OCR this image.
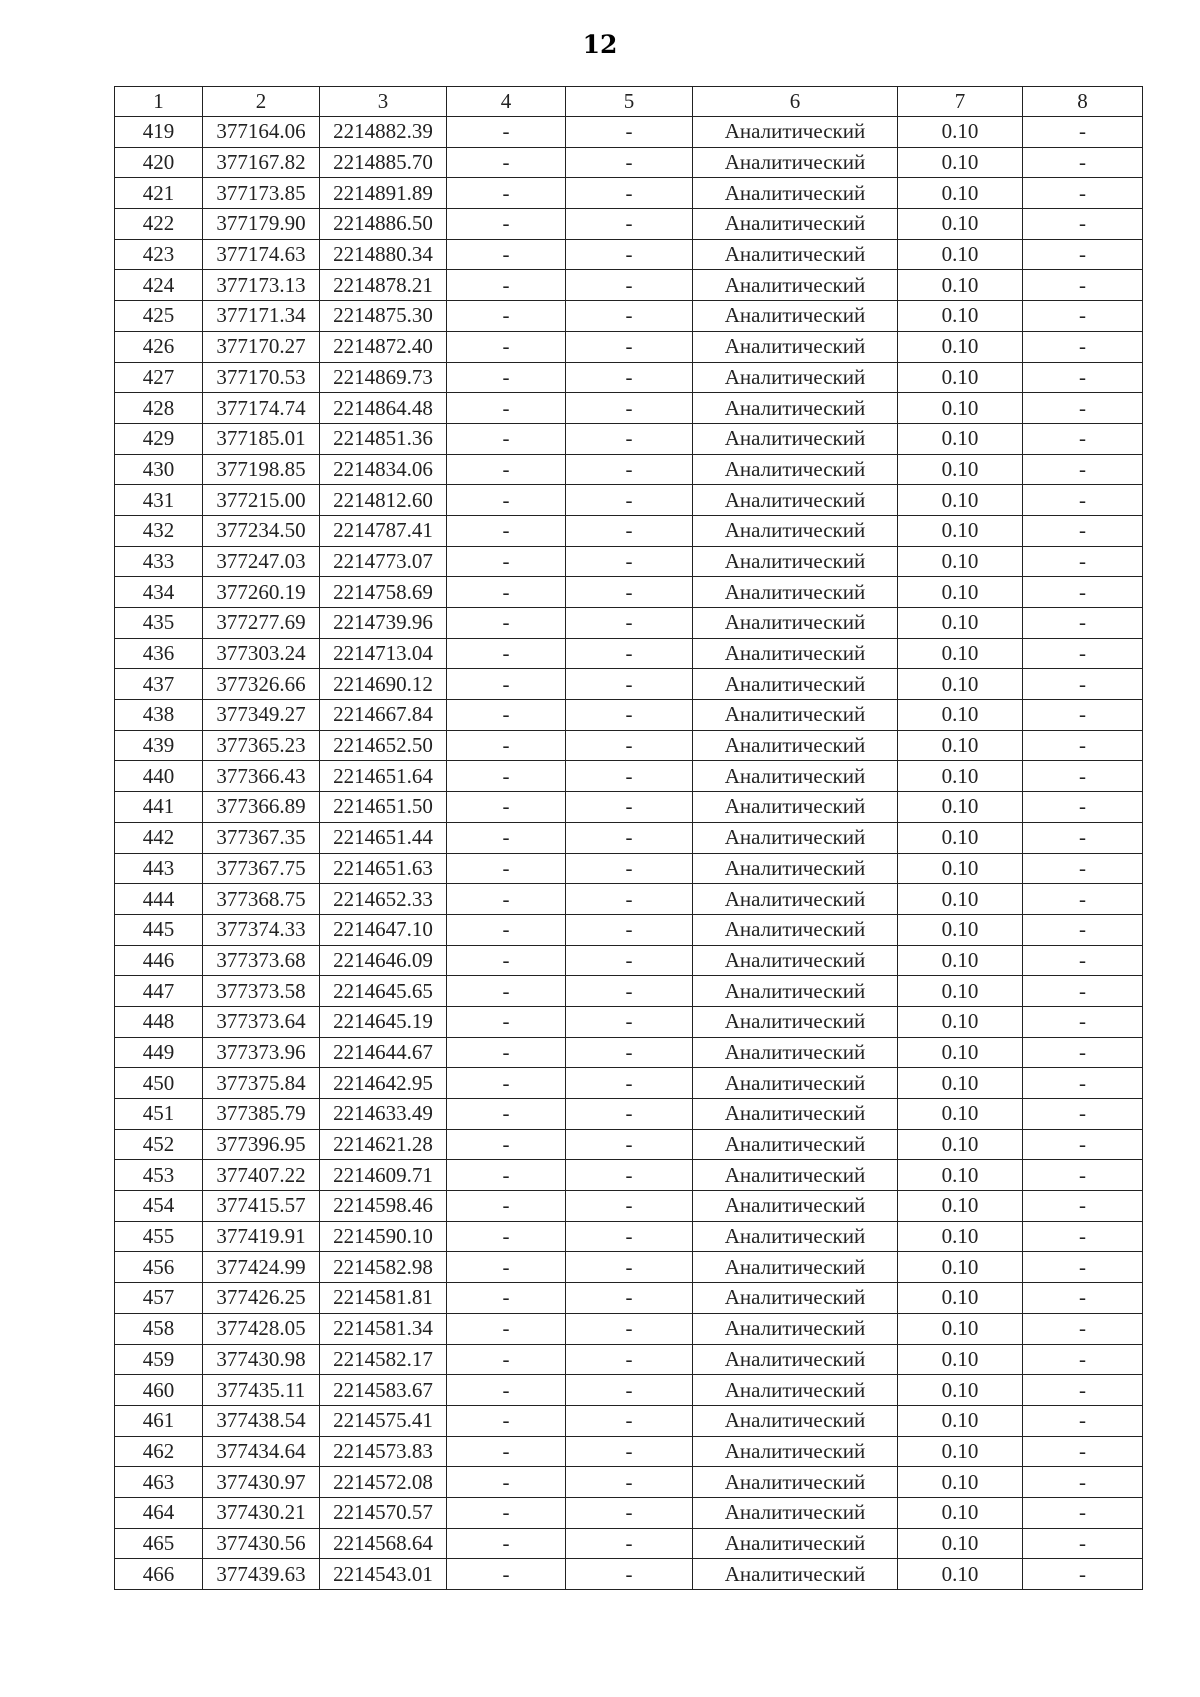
12
1	2	3	4	5	6	7	8
419	377164.06	2214882.39	-	-	Аналитический	0.10	-
420	377167.82	2214885.70	-	-	Аналитический	0.10	-
421	377173.85	2214891.89	-	-	Аналитический	0.10	-
422	377179.90	2214886.50	-	-	Аналитический	0.10	-
423	377174.63	2214880.34	-	-	Аналитический	0.10	-
424	377173.13	2214878.21	-	-	Аналитический	0.10	-
425	377171.34	2214875.30	-	-	Аналитический	0.10	-
426	377170.27	2214872.40	-	-	Аналитический	0.10	-
427	377170.53	2214869.73	-	-	Аналитический	0.10	-
428	377174.74	2214864.48	-	-	Аналитический	0.10	-
429	377185.01	2214851.36	-	-	Аналитический	0.10	-
430	377198.85	2214834.06	-	-	Аналитический	0.10	-
431	377215.00	2214812.60	-	-	Аналитический	0.10	-
432	377234.50	2214787.41	-	-	Аналитический	0.10	-
433	377247.03	2214773.07	-	-	Аналитический	0.10	-
434	377260.19	2214758.69	-	-	Аналитический	0.10	-
435	377277.69	2214739.96	-	-	Аналитический	0.10	-
436	377303.24	2214713.04	-	-	Аналитический	0.10	-
437	377326.66	2214690.12	-	-	Аналитический	0.10	-
438	377349.27	2214667.84	-	-	Аналитический	0.10	-
439	377365.23	2214652.50	-	-	Аналитический	0.10	-
440	377366.43	2214651.64	-	-	Аналитический	0.10	-
441	377366.89	2214651.50	-	-	Аналитический	0.10	-
442	377367.35	2214651.44	-	-	Аналитический	0.10	-
443	377367.75	2214651.63	-	-	Аналитический	0.10	-
444	377368.75	2214652.33	-	-	Аналитический	0.10	-
445	377374.33	2214647.10	-	-	Аналитический	0.10	-
446	377373.68	2214646.09	-	-	Аналитический	0.10	-
447	377373.58	2214645.65	-	-	Аналитический	0.10	-
448	377373.64	2214645.19	-	-	Аналитический	0.10	-
449	377373.96	2214644.67	-	-	Аналитический	0.10	-
450	377375.84	2214642.95	-	-	Аналитический	0.10	-
451	377385.79	2214633.49	-	-	Аналитический	0.10	-
452	377396.95	2214621.28	-	-	Аналитический	0.10	-
453	377407.22	2214609.71	-	-	Аналитический	0.10	-
454	377415.57	2214598.46	-	-	Аналитический	0.10	-
455	377419.91	2214590.10	-	-	Аналитический	0.10	-
456	377424.99	2214582.98	-	-	Аналитический	0.10	-
457	377426.25	2214581.81	-	-	Аналитический	0.10	-
458	377428.05	2214581.34	-	-	Аналитический	0.10	-
459	377430.98	2214582.17	-	-	Аналитический	0.10	-
460	377435.11	2214583.67	-	-	Аналитический	0.10	-
461	377438.54	2214575.41	-	-	Аналитический	0.10	-
462	377434.64	2214573.83	-	-	Аналитический	0.10	-
463	377430.97	2214572.08	-	-	Аналитический	0.10	-
464	377430.21	2214570.57	-	-	Аналитический	0.10	-
465	377430.56	2214568.64	-	-	Аналитический	0.10	-
466	377439.63	2214543.01	-	-	Аналитический	0.10	-
